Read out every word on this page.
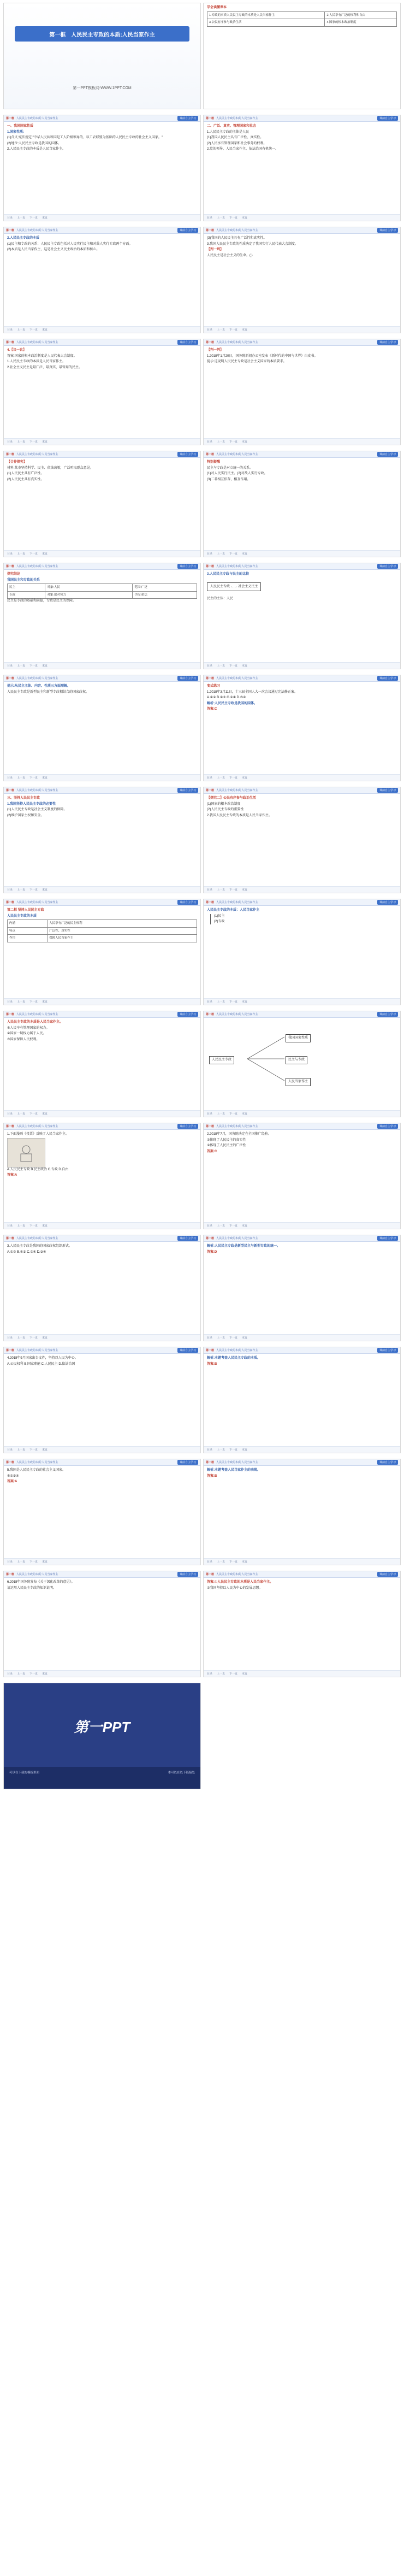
第一框　人民民主专政的本质:人民当家作主
第一PPT模板网-WWW.1PPT.COM

学会读懂课本

1.专政的实质人民民主专政的本质是人民当家作主	2.人民享有广泛的权利和自由
3.公民有序参与政治生活	4.国家的根本政治制度
第一框 人民民主专政的本质:人民当家作主	课前自主学习

一、我国国家性质

1.国家性质:

(1)含义:宪法规定:"中华人民共和国是工人阶级领导的、以工农联盟为基础的人民民主专政的社会主义国家。"

(2)地位:人民民主专政是我国的国体。

2.人民民主专政的本质是人民当家作主。

目录 上一页 下一页 末页
第一框 人民民主专政的本质:人民当家作主	课前自主学习

二、广泛、真实、管理国家和社会

1.人民民主专政的主体是人民

(1)我国人民民主具有广泛性、真实性。

(2)人民享有管理国家和社会事务的权利。

2.党的领导、人民当家作主、依法治国有机统一。

目录 上一页 下一页 末页
第一框 人民民主专政的本质:人民当家作主	课前自主学习

2.人民民主专政的本质

(1)民主和专政的关系：人民民主专政包括对人民实行民主和对敌人实行专政两个方面。

(2)本质是人民当家作主，这是社会主义民主政治的本质和核心。

目录 上一页 下一页 末页
第一框 人民民主专政的本质:人民当家作主	课前自主学习

(3)我国的人民民主具有广泛性和真实性。

3.我国人民民主专政的性质决定了我国实行人民代表大会制度。

【判一判】

人民民主是社会主义的生命。( )

目录 上一页 下一页 末页
第一框 人民民主专政的本质:人民当家作主	课前自主学习

4.【议一议】

答案:国家的根本政治制度是人民代表大会制度。

1.人民民主专政的本质是人民当家作主。

2.社会主义民主是最广泛、最真实、最管用的民主。

目录 上一页 下一页 末页
第一框 人民民主专政的本质:人民当家作主	课前自主学习

【判一判】

1.2018年1月20日，国务院新闻办公室发布《新时代的中国与世界》白皮书。

提示:这说明人民民主专政是社会主义国家的本质要求。

目录 上一页 下一页 末页
第一框 人民民主专政的本质:人民当家作主	课前自主学习

【合作探究】

材料:某市坚持科学、民主、依法决策，广泛听取群众意见。

(1)人民民主具有广泛性。

(2)人民民主具有真实性。

目录 上一页 下一页 末页
第一框 人民民主专政的本质:人民当家作主	课前自主学习

特别提醒

民主与专政是对立统一的关系。

(1)对人民实行民主。(2)对敌人实行专政。

(3)二者相互依存，相互作用。

目录 上一页 下一页 末页
第一框 人民民主专政的本质:人民当家作主	课前自主学习

探究结论

我国民主和专政的关系

民主	对象:人民	范围:广泛
专政	对象:敌对势力	手段:依法

民主是专政的基础和前提，专政是民主的保障。

目录 上一页 下一页 末页
第一框 人民民主专政的本质:人民当家作主	课前自主学习

3.人民民主专政与民主的比较

人民民主专政 ←→ 社会主义民主

民主的主体：人民

目录 上一页 下一页 末页
第一框 人民民主专政的本质:人民当家作主	课前自主学习

提示:从民主主体、内容、性质三方面理解。

人民民主专政是新型民主和新型专政相结合的国家政权。

目录 上一页 下一页 末页
第一框 人民民主专政的本质:人民当家作主	课前自主学习

变式练习

1.2018年3月11日，十三届全国人大一次会议通过宪法修正案。

A.①② B.①③ C.②④ D.③④

解析:人民民主专政是我国的国体。

答案:C

目录 上一页 下一页 末页
第一框 人民民主专政的本质:人民当家作主	课前自主学习

三、坚持人民民主专政

1.我国坚持人民民主专政的必要性

(1)人民民主专政是社会主义制度的保障。

(2)维护国家主权和安全。

目录 上一页 下一页 末页
第一框 人民民主专政的本质:人民当家作主	课前自主学习

【探究二】公民有序参与政治生活

(1)国家的根本政治制度

(2)人民民主专政的重要性

2.我国人民民主专政的本质是人民当家作主。

目录 上一页 下一页 末页
第一框 人民民主专政的本质:人民当家作主	课前自主学习

第二框 坚持人民民主专政

人民民主专政的本质

内涵	人民享有广泛的民主权利
特点	广泛性、真实性
作用	保障人民当家作主
目录 上一页 下一页 末页
第一框 人民民主专政的本质:人民当家作主	课前自主学习

人民民主专政的本质：人民当家作主

(1)民主

(2)专政

目录 上一页 下一页 末页
第一框 人民民主专政的本质:人民当家作主	课前自主学习

人民民主专政的本质是人民当家作主。

①人民享有管理国家的权力。

②国家一切权力属于人民。

③国家保障人民权利。

目录 上一页 下一页 末页
第一框 人民民主专政的本质:人民当家作主	课前自主学习
人民民主专政
我国国家性质
民主与专政
人民当家作主
目录 上一页 下一页 末页
第一框 人民民主专政的本质:人民当家作主	课前自主学习

1.下面漫画《投票》反映了人民当家作主。

A.人民民主专政 B.民主政治 C.专政 D.自由

答案:A

目录 上一页 下一页 末页
第一框 人民民主专政的本质:人民当家作主	课前自主学习

2.2018年7月，国务院决定在全国推广经验。

①体现了人民民主的真实性

②体现了人民民主的广泛性

答案:C

目录 上一页 下一页 末页
第一框 人民民主专政的本质:人民当家作主	课前自主学习

3.人民民主专政是我国的国家政权组织形式。

A.①② B.①③ C.②④ D.③④

目录 上一页 下一页 末页
第一框 人民民主专政的本质:人民当家作主	课前自主学习

解析:人民民主专政是新型民主与新型专政的统一。

答案:D

目录 上一页 下一页 末页
第一框 人民民主专政的本质:人民当家作主	课前自主学习

4.2018年9月国家出台文件，坚持以人民为中心。

A.公民权利 B.国家职能 C.人民民主 D.依法治国

目录 上一页 下一页 末页
第一框 人民民主专政的本质:人民当家作主	课前自主学习

解析:本题考查人民民主专政的本质。

答案:B

目录 上一页 下一页 末页
第一框 人民民主专政的本质:人民当家作主	课前自主学习

5.我国是人民民主专政的社会主义国家。

①②③④

答案:A

目录 上一页 下一页 末页
第一框 人民民主专政的本质:人民当家作主	课前自主学习

解析:本题考查人民当家作主的表现。

答案:B

目录 上一页 下一页 末页
第一框 人民民主专政的本质:人民当家作主	课前自主学习

6.2018年国务院发布《关于深化改革的意见》。

请运用人民民主专政的知识说明。

目录 上一页 下一页 末页
第一框 人民民主专政的本质:人民当家作主	课前自主学习

答案:①人民民主专政的本质是人民当家作主。

②我国坚持以人民为中心的发展思想。

目录 上一页 下一页 末页
第一PPT
可以在下载的模板里面	本可以在以下链接处
